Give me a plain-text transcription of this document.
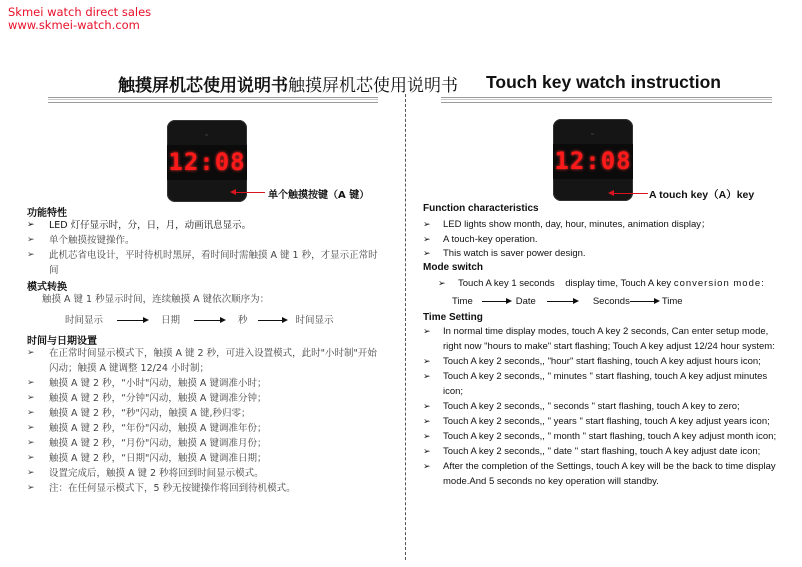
Skmei watch direct sales
www.skmei-watch.com
触摸屏机芯使用说明书触摸屏机芯使用说明书 Touch key watch instruction
12:08
单个触摸按键（A 键）
12:08
A touch key（A）key
功能特性
➢ LED 灯仔显示时，分，日，月，动画讯息显示。
➢ 单个触摸按键操作。
➢ 此机芯省电设计，平时待机时黑屏，看时间时需触摸 A 键 1 秒，才显示正常时
间
模式转换
触摸 A 键 1 秒显示时间，连续触摸 A 键依次顺序为：
时间显示	日期	秒	时间显示
时间与日期设置
➢ 在正常时间显示模式下，触摸 A 键 2 秒，可进入设置模式，此时"小时制"开始
闪动；触摸 A 键调整 12/24 小时制；
➢ 触摸 A 键 2 秒，“小时"闪动，触摸 A 键调准小时；
➢ 触摸 A 键 2 秒，“分钟"闪动，触摸 A 键调准分钟；
➢ 触摸 A 键 2 秒，“秒"闪动，触摸 A 键,秒归零；
➢ 触摸 A 键 2 秒，“年份"闪动，触摸 A 键调准年份；
➢ 触摸 A 键 2 秒，“月份"闪动，触摸 A 键调准月份；
➢ 触摸 A 键 2 秒，“日期"闪动，触摸 A 键调准日期；
➢ 设置完成后，触摸 A 键 2 秒将回到时间显示模式。
➢ 注：在任何显示模式下，5 秒无按键操作将回到待机模式。
Function characteristics
➢ LED lights show month, day, hour, minutes, animation display；
➢ A touch-key operation.
➢ This watch is saver power design.
Mode switch
➢ Touch A key 1 seconds    display time, Touch A key conversion mode:
Time	Date	Seconds	Time
Time Setting
➢ In normal time display modes, touch A key 2 seconds, Can enter setup mode,
right now "hours to make" start flashing; Touch A key adjust 12/24 hour system:
➢ Touch A key 2 seconds,, "hour" start flashing, touch A key adjust hours icon;
➢ Touch A key 2 seconds,, " minutes " start flashing, touch A key adjust minutes
icon;
➢ Touch A key 2 seconds,, " seconds " start flashing, touch A key to zero;
➢ Touch A key 2 seconds,, " years " start flashing, touch A key adjust years icon;
➢ Touch A key 2 seconds,, " month " start flashing, touch A key adjust month icon;
➢ Touch A key 2 seconds,, " date " start flashing, touch A key adjust date icon;
➢ After the completion of the Settings, touch A key will be the back to time display
mode.And 5 seconds no key operation will standby.
